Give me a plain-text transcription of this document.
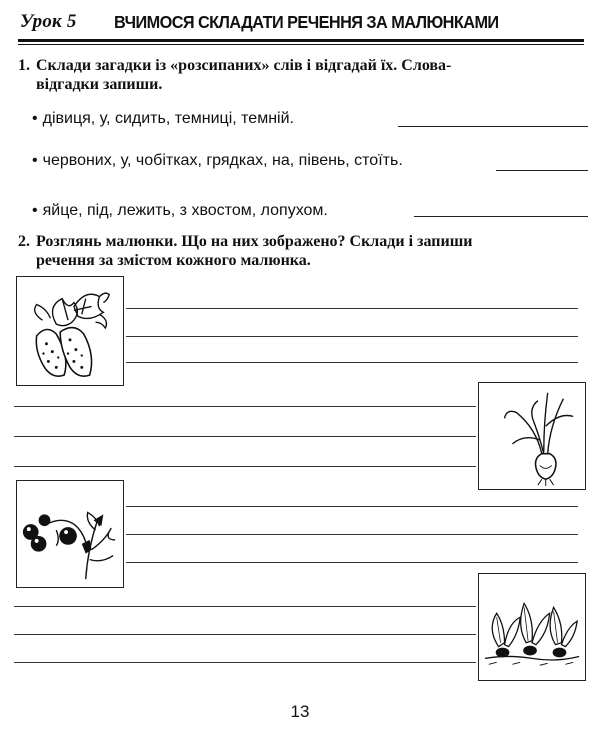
Урок 5 ВЧИМОСЯ СКЛАДАТИ РЕЧЕННЯ ЗА МАЛЮНКАМИ
1. Склади загадки із «розсипаних» слів і відгадай їх. Слова-
відгадки запиши.
• дівиця, у, сидить, темниці, темній.
• червоних, у, чобітках, грядках, на, півень, стоїть.
• яйце, під, лежить, з хвостом, лопухом.
2. Розглянь малюнки. Що на них зображено? Склади і запиши
речення за змістом кожного малюнка.
13
